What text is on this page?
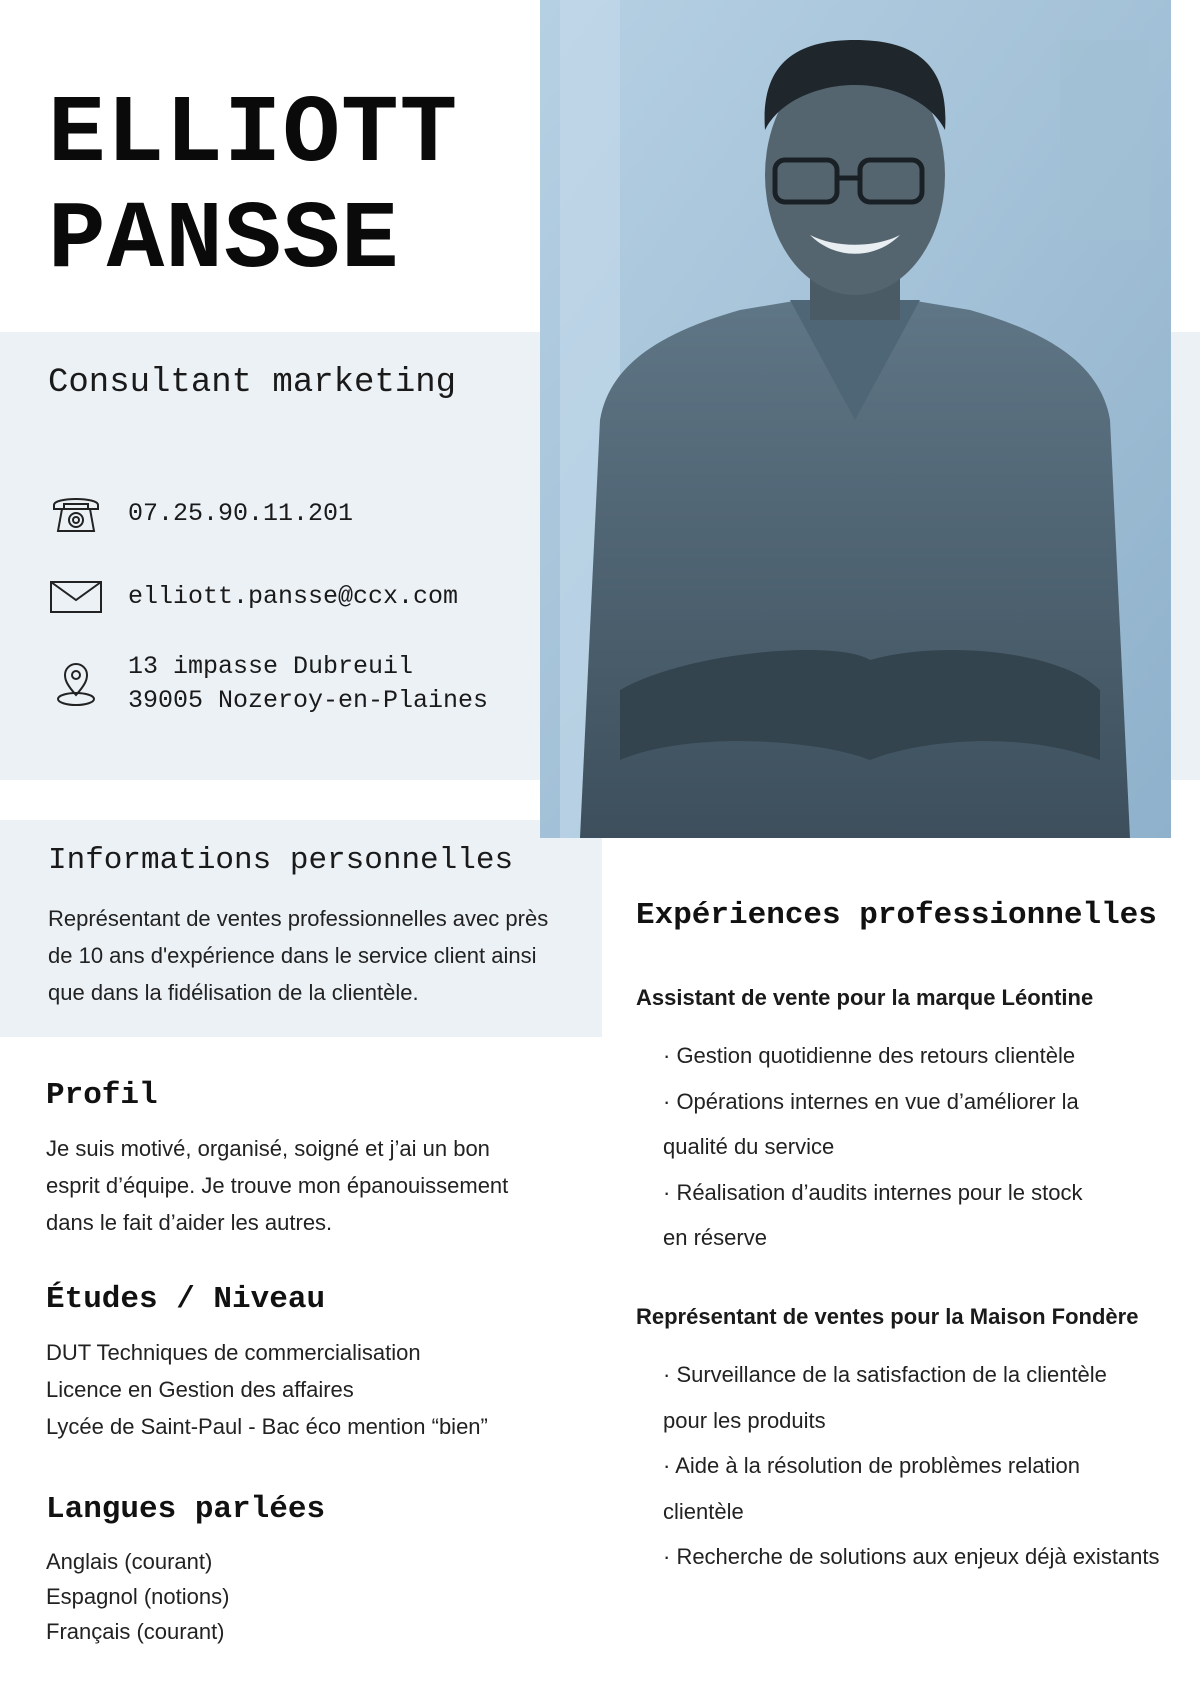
ELLIOTT
PANSSE
Consultant marketing
07.25.90.11.201
elliott.pansse@ccx.com
13 impasse Dubreuil
39005 Nozeroy-en-Plaines
Informations personnelles
Représentant de ventes professionnelles avec près de 10 ans d'expérience dans le service client ainsi que dans la fidélisation de la clientèle.
Profil
Je suis motivé, organisé, soigné et j’ai un bon esprit d’équipe. Je trouve mon épanouissement dans le fait d’aider les autres.
Études / Niveau
DUT Techniques de commercialisation
Licence en Gestion des affaires
Lycée de Saint-Paul - Bac éco mention “bien”
Langues parlées
Anglais (courant)
Espagnol (notions)
Français (courant)
Expériences professionnelles
Assistant de vente pour la marque Léontine
· Gestion quotidienne des retours clientèle
· Opérations internes en vue d’améliorer la
qualité du service
· Réalisation d’audits internes pour le stock
en réserve
Représentant de ventes pour la Maison Fondère
· Surveillance de la satisfaction de la clientèle
pour les produits
· Aide à la résolution de problèmes relation
clientèle
· Recherche de solutions aux enjeux déjà existants
